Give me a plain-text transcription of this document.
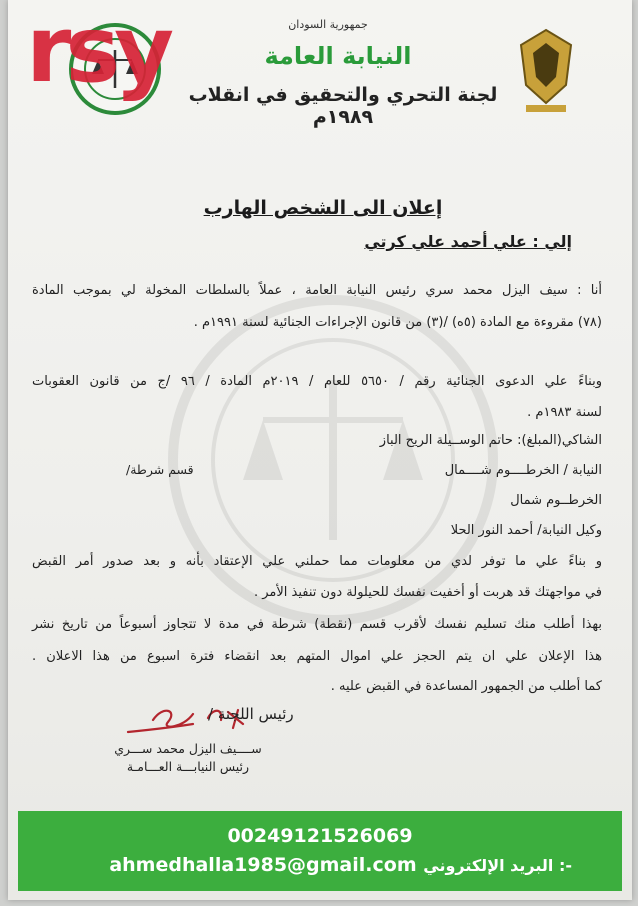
rsy	جمهورية السودان
النيابة العامة
لجنة التحري والتحقيق في انقلاب ١٩٨٩م
إعلان الى الشخص الهارب
إلي : علي أحمد علي كرتي
أنا : سيف اليزل محمد سري رئيس النيابة العامة ، عملاً بالسلطات المخولة لي بموجب المادة
(٧٨) مقروءة مع المادة (٥ه) /(٣) من قانون الإجراءات الجنائية لسنة ١٩٩١م .
وبناءً علي الدعوى الجنائية رقم / ٥٦٥٠ للعام / ٢٠١٩م المادة / ٩٦ /ج من قانون العقوبات
لسنة ١٩٨٣م .
الشاكي(المبلغ): حاتم الوســيلة الريح الباز
النيابة / الخرطــــوم شــــمال
قسم شرطة/
الخرطــوم شمال
وكيل النيابة/ أحمد النور الحلا
و بناءً علي ما توفر لدي من معلومات مما حملني علي الإعتقاد بأنه و بعد صدور أمر القبض
في مواجهتك قد هربت أو أخفيت نفسك للحيلولة دون تنفيذ الأمر .
بهذا أطلب منك تسليم نفسك لأقرب قسم (نقطة) شرطة في مدة لا تتجاوز أسبوعاً من تاريخ نشر
هذا الإعلان علي ان يتم الحجز علي اموال المتهم بعد انقضاء فترة اسبوع من هذا الاعلان .
كما أطلب من الجمهور المساعدة في القبض عليه .
رئيس اللجنة /
ســــيف اليزل محمد ســـري
رئيس النيابـــة العـــامـة
00249121526069
ahmedhalla1985@gmail.com البريد الإلكتروني :-
